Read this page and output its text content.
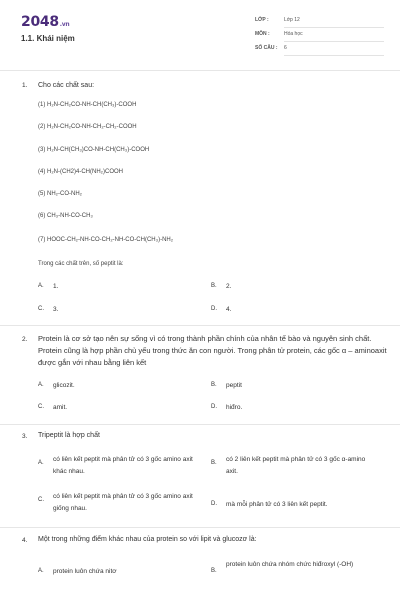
2048.vn
1.1. Khái niệm
LỚP :	Lớp 12
MÔN :	Hóa học
SỐ CÂU : 6
1. Cho các chất sau:
(1) H₂N-CH₂CO-NH-CH(CH₃)-COOH
(2) H₂N-CH₂CO-NH-CH₂-CH₂-COOH
(3) H₂N-CH(CH₃)CO-NH-CH(CH₃)-COOH
(4) H₂N-(CH2)4-CH(NH₂)COOH
(5) NH₂-CO-NH₂
(6) CH₃-NH-CO-CH₃
(7) HOOC-CH₂-NH-CO-CH₂-NH-CO-CH(CH₃)-NH₂
Trong các chất trên, số peptit là:
A. 1.	B. 2.
C. 3.	D. 4.
2. Protein là cơ sở tạo nên sự sống vì có trong thành phần chính của nhân tế bào và nguyên sinh chất. Protein cũng là hợp phần chủ yếu trong thức ăn con người. Trong phân tử protein, các gốc α – aminoaxit được gắn với nhau bằng liên kết
A. glicozit.	B. peptit
C. amit.	D. hiđro.
3. Tripeptit là hợp chất
A. có liên kết peptit mà phân tử có 3 gốc amino axit khác nhau.
B. có 2 liên kết peptit mà phân tử có 3 gốc α-amino axit.
C. có liên kết peptit mà phân tử có 3 gốc amino axit giống nhau.
D. mà mỗi phân tử có 3 liên kết peptit.
4. Một trong những điểm khác nhau của protein so với lipit và glucozơ là:
A. protein luôn chứa nitơ	B.
protein luôn chứa nhóm chức hiđroxyl (-OH)
